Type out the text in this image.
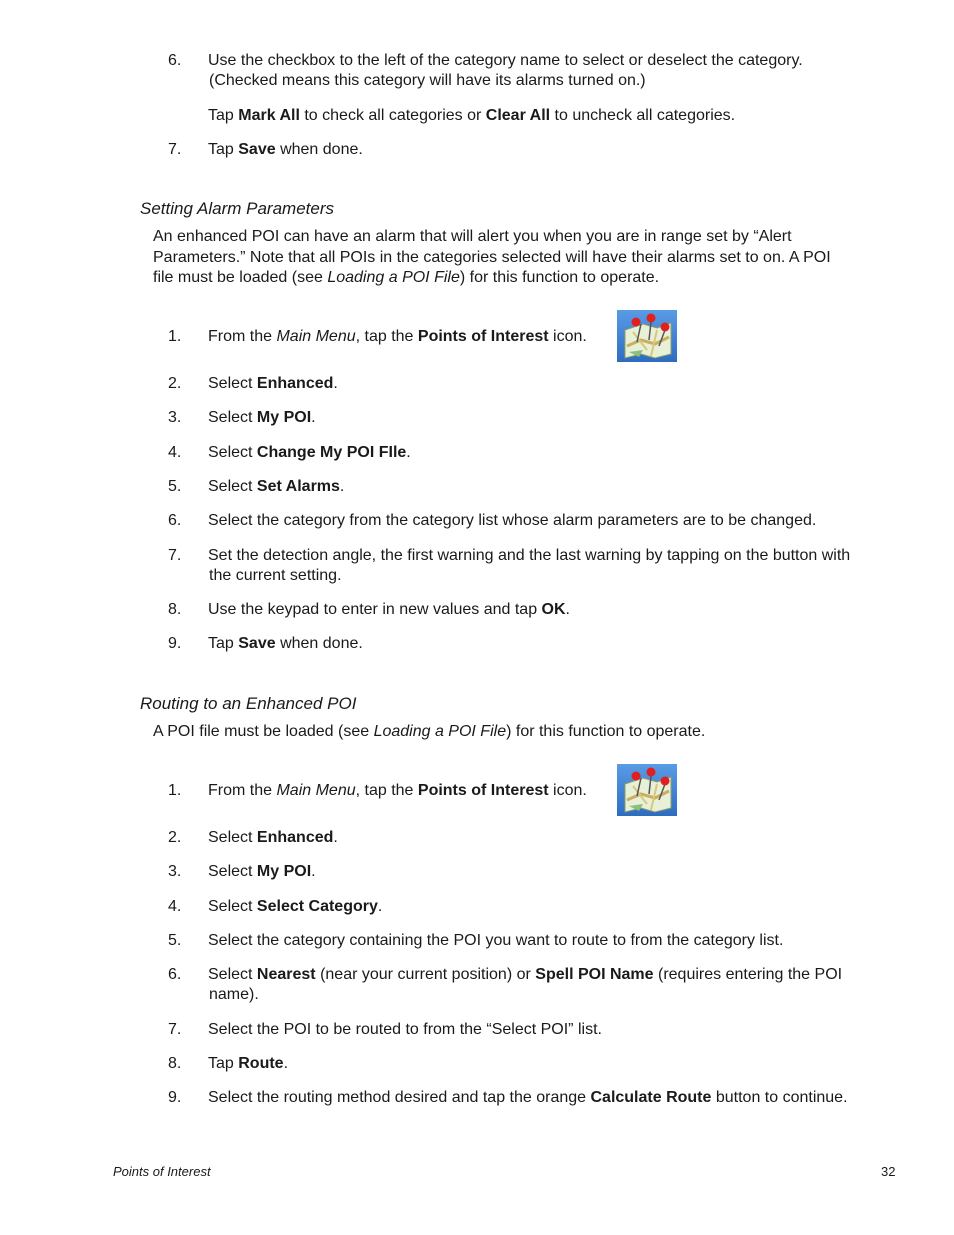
6.	Use the checkbox to the left of the category name to select or deselect the category.
(Checked means this category will have its alarms turned on.)
Tap Mark All to check all categories or Clear All to uncheck all categories.
7.	Tap Save when done.
Setting Alarm Parameters
An enhanced POI can have an alarm that will alert you when you are in range set by “Alert
Parameters.” Note that all POIs in the categories selected will have their alarms set to on. A POI
file must be loaded (see Loading a POI File) for this function to operate.
1.	From the Main Menu, tap the Points of Interest icon.
2.	Select Enhanced.
3.	Select My POI.
4.	Select Change My POI FIle.
5.	Select Set Alarms.
6.	Select the category from the category list whose alarm parameters are to be changed.
7.	Set the detection angle, the first warning and the last warning by tapping on the button with
the current setting.
8.	Use the keypad to enter in new values and tap OK.
9.	Tap Save when done.
Routing to an Enhanced POI
A POI file must be loaded (see Loading a POI File) for this function to operate.
1.	From the Main Menu, tap the Points of Interest icon.
2.	Select Enhanced.
3.	Select My POI.
4.	Select Select Category.
5.	Select the category containing the POI you want to route to from the category list.
6.	Select Nearest (near your current position) or Spell POI Name (requires entering the POI
name).
7.	Select the POI to be routed to from the “Select POI” list.
8.	Tap Route.
9.	Select the routing method desired and tap the orange Calculate Route button to continue.
Points of Interest	32
